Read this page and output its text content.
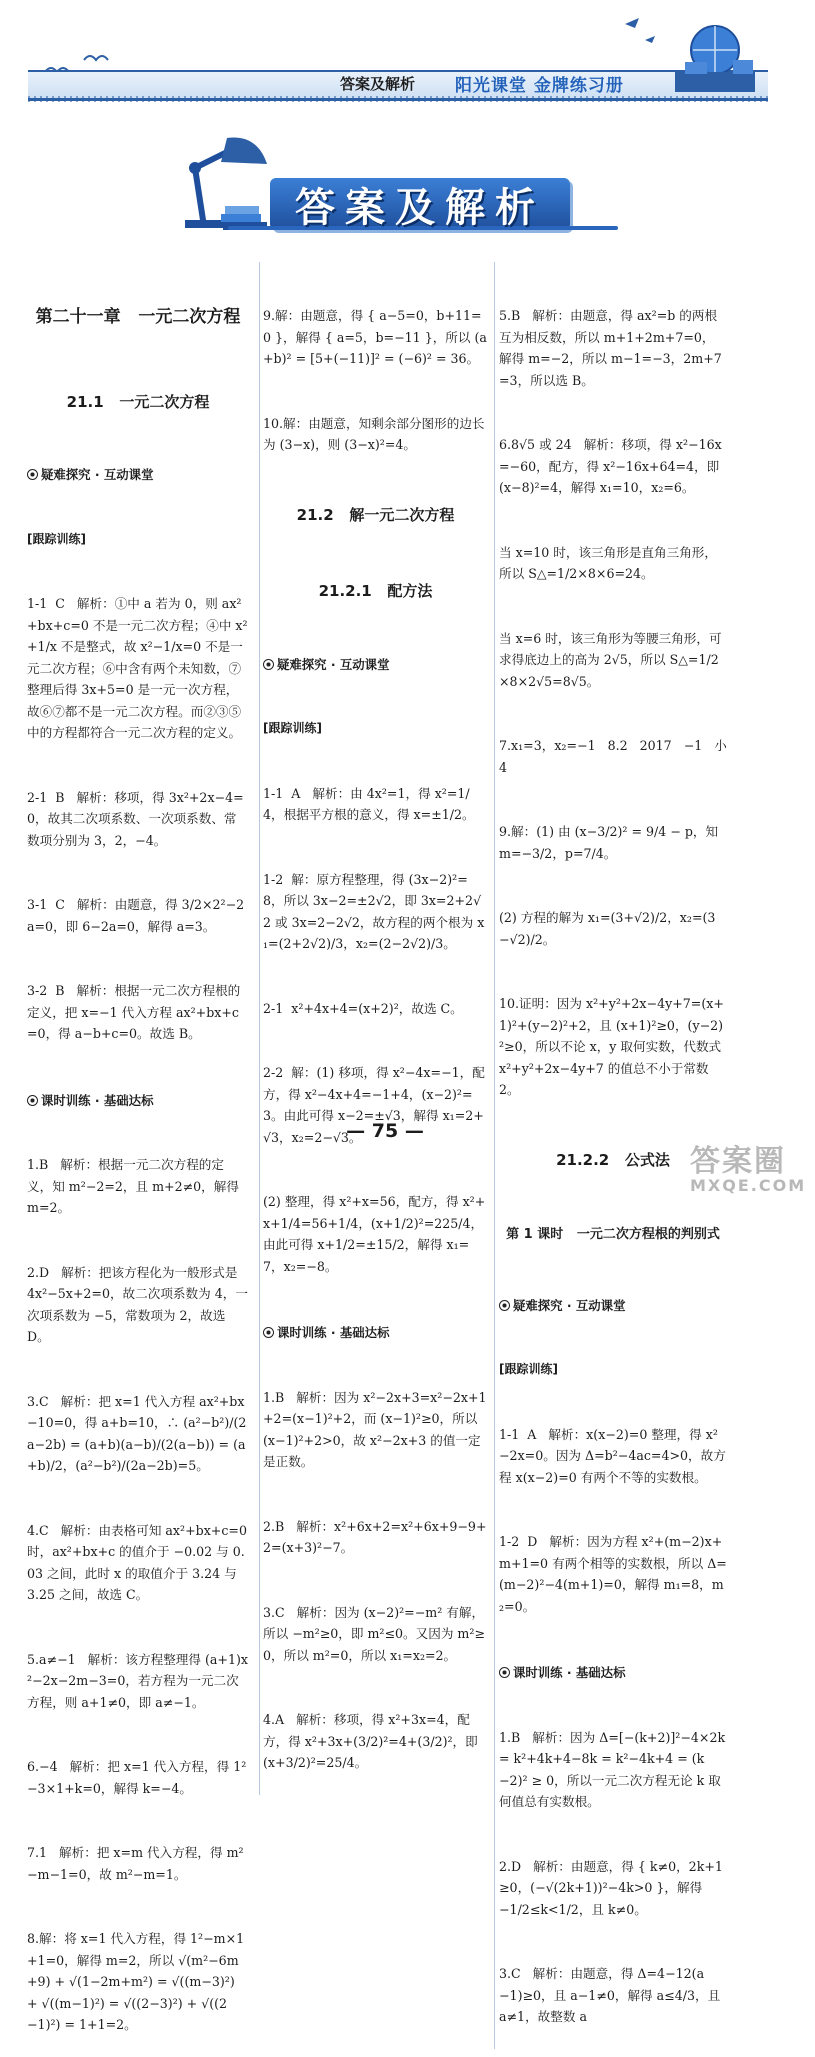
答案及解析 阳光课堂 金牌练习册
答案及解析

第二十一章   一元二次方程

21.1   一元二次方程

疑难探究 · 互动课堂

[跟踪训练]

1-1  C   解析：①中 a 若为 0，则 ax²+bx+c=0 不是一元二次方程；④中 x²+1/x 不是整式，故 x²−1/x=0 不是一元二次方程；⑥中含有两个未知数，⑦整理后得 3x+5=0 是一元一次方程，故⑥⑦都不是一元二次方程。而②③⑤中的方程都符合一元二次方程的定义。

2-1  B   解析：移项，得 3x²+2x−4=0，故其二次项系数、一次项系数、常数项分别为 3，2，−4。

3-1  C   解析：由题意，得 3/2×2²−2a=0，即 6−2a=0，解得 a=3。

3-2  B   解析：根据一元二次方程根的定义，把 x=−1 代入方程 ax²+bx+c=0，得 a−b+c=0。故选 B。

课时训练 · 基础达标

1.B   解析：根据一元二次方程的定义，知 m²−2=2，且 m+2≠0，解得 m=2。

2.D   解析：把该方程化为一般形式是 4x²−5x+2=0，故二次项系数为 4，一次项系数为 −5，常数项为 2，故选 D。

3.C   解析：把 x=1 代入方程 ax²+bx−10=0，得 a+b=10，∴ (a²−b²)/(2a−2b) = (a+b)(a−b)/(2(a−b)) = (a+b)/2，(a²−b²)/(2a−2b)=5。

4.C   解析：由表格可知 ax²+bx+c=0 时，ax²+bx+c 的值介于 −0.02 与 0.03 之间，此时 x 的取值介于 3.24 与 3.25 之间，故选 C。

5.a≠−1   解析：该方程整理得 (a+1)x²−2x−2m−3=0，若方程为一元二次方程，则 a+1≠0，即 a≠−1。

6.−4   解析：把 x=1 代入方程，得 1²−3×1+k=0，解得 k=−4。

7.1   解析：把 x=m 代入方程，得 m²−m−1=0，故 m²−m=1。

8.解：将 x=1 代入方程，得 1²−m×1+1=0，解得 m=2，所以 √(m²−6m+9) + √(1−2m+m²) = √((m−3)²) + √((m−1)²) = √((2−3)²) + √((2−1)²) = 1+1=2。

9.解：由题意，得 { a−5=0，b+11=0 }，解得 { a=5，b=−11 }，所以 (a+b)² = [5+(−11)]² = (−6)² = 36。

10.解：由题意，知剩余部分图形的边长为 (3−x)，则 (3−x)²=4。

21.2   解一元二次方程

21.2.1   配方法

疑难探究 · 互动课堂

[跟踪训练]

1-1  A   解析：由 4x²=1，得 x²=1/4，根据平方根的意义，得 x=±1/2。

1-2  解：原方程整理，得 (3x−2)²=8，所以 3x−2=±2√2，即 3x=2+2√2 或 3x=2−2√2，故方程的两个根为 x₁=(2+2√2)/3，x₂=(2−2√2)/3。

2-1  x²+4x+4=(x+2)²，故选 C。

2-2  解：(1) 移项，得 x²−4x=−1，配方，得 x²−4x+4=−1+4，(x−2)²=3。由此可得 x−2=±√3，解得 x₁=2+√3，x₂=2−√3。

(2) 整理，得 x²+x=56，配方，得 x²+x+1/4=56+1/4，(x+1/2)²=225/4，由此可得 x+1/2=±15/2，解得 x₁=7，x₂=−8。

课时训练 · 基础达标

1.B   解析：因为 x²−2x+3=x²−2x+1+2=(x−1)²+2，而 (x−1)²≥0，所以 (x−1)²+2>0，故 x²−2x+3 的值一定是正数。

2.B   解析：x²+6x+2=x²+6x+9−9+2=(x+3)²−7。

3.C   解析：因为 (x−2)²=−m² 有解，所以 −m²≥0，即 m²≤0。又因为 m²≥0，所以 m²=0，所以 x₁=x₂=2。

4.A   解析：移项，得 x²+3x=4，配方，得 x²+3x+(3/2)²=4+(3/2)²，即 (x+3/2)²=25/4。

5.B   解析：由题意，得 ax²=b 的两根互为相反数，所以 m+1+2m+7=0，解得 m=−2，所以 m−1=−3，2m+7=3，所以选 B。

6.8√5 或 24   解析：移项，得 x²−16x=−60，配方，得 x²−16x+64=4，即 (x−8)²=4，解得 x₁=10，x₂=6。

当 x=10 时，该三角形是直角三角形，所以 S△=1/2×8×6=24。

当 x=6 时，该三角形为等腰三角形，可求得底边上的高为 2√5，所以 S△=1/2×8×2√5=8√5。

7.x₁=3，x₂=−1   8.2   2017   −1   小   4

9.解：(1) 由 (x−3/2)² = 9/4 − p，知 m=−3/2，p=7/4。

(2) 方程的解为 x₁=(3+√2)/2，x₂=(3−√2)/2。

10.证明：因为 x²+y²+2x−4y+7=(x+1)²+(y−2)²+2，且 (x+1)²≥0，(y−2)²≥0，所以不论 x，y 取何实数，代数式 x²+y²+2x−4y+7 的值总不小于常数 2。

21.2.2   公式法

第 1 课时   一元二次方程根的判别式

疑难探究 · 互动课堂

[跟踪训练]

1-1  A   解析：x(x−2)=0 整理，得 x²−2x=0。因为 Δ=b²−4ac=4>0，故方程 x(x−2)=0 有两个不等的实数根。

1-2  D   解析：因为方程 x²+(m−2)x+m+1=0 有两个相等的实数根，所以 Δ=(m−2)²−4(m+1)=0，解得 m₁=8，m₂=0。

课时训练 · 基础达标

1.B   解析：因为 Δ=[−(k+2)]²−4×2k = k²+4k+4−8k = k²−4k+4 = (k−2)² ≥ 0，所以一元二次方程无论 k 取何值总有实数根。

2.D   解析：由题意，得 { k≠0，2k+1≥0，(−√(2k+1))²−4k>0 }，解得 −1/2≤k<1/2，且 k≠0。

3.C   解析：由题意，得 Δ=4−12(a−1)≥0，且 a−1≠0，解得 a≤4/3，且 a≠1，故整数 a

— 75 —
答案圈
MXQE.COM
